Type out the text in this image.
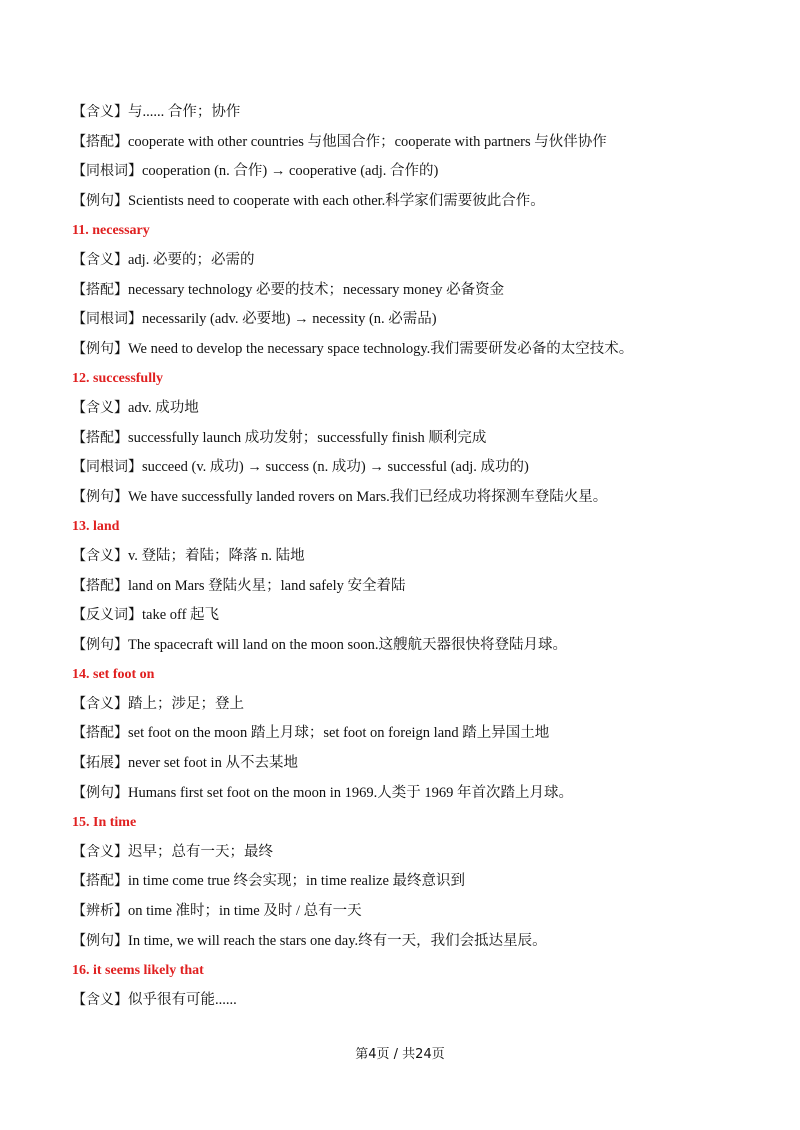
【含义】与...... 合作；协作
【搭配】cooperate with other countries 与他国合作；cooperate with partners 与伙伴协作
【同根词】cooperation (n. 合作) → cooperative (adj. 合作的)
【例句】Scientists need to cooperate with each other.科学家们需要彼此合作。
11. necessary
【含义】adj. 必要的；必需的
【搭配】necessary technology 必要的技术；necessary money 必备资金
【同根词】necessarily (adv. 必要地) → necessity (n. 必需品)
【例句】We need to develop the necessary space technology.我们需要研发必备的太空技术。
12. successfully
【含义】adv. 成功地
【搭配】successfully launch 成功发射；successfully finish 顺利完成
【同根词】succeed (v. 成功) → success (n. 成功) → successful (adj. 成功的)
【例句】We have successfully landed rovers on Mars.我们已经成功将探测车登陆火星。
13. land
【含义】v. 登陆；着陆；降落 n. 陆地
【搭配】land on Mars 登陆火星；land safely 安全着陆
【反义词】take off 起飞
【例句】The spacecraft will land on the moon soon.这艘航天器很快将登陆月球。
14. set foot on
【含义】踏上；涉足；登上
【搭配】set foot on the moon 踏上月球；set foot on foreign land 踏上异国土地
【拓展】never set foot in 从不去某地
【例句】Humans first set foot on the moon in 1969.人类于 1969 年首次踏上月球。
15. In time
【含义】迟早；总有一天；最终
【搭配】in time come true 终会实现；in time realize 最终意识到
【辨析】on time 准时；in time 及时 / 总有一天
【例句】In time, we will reach the stars one day.终有一天，我们会抵达星辰。
16. it seems likely that
【含义】似乎很有可能......
第4页 / 共24页
